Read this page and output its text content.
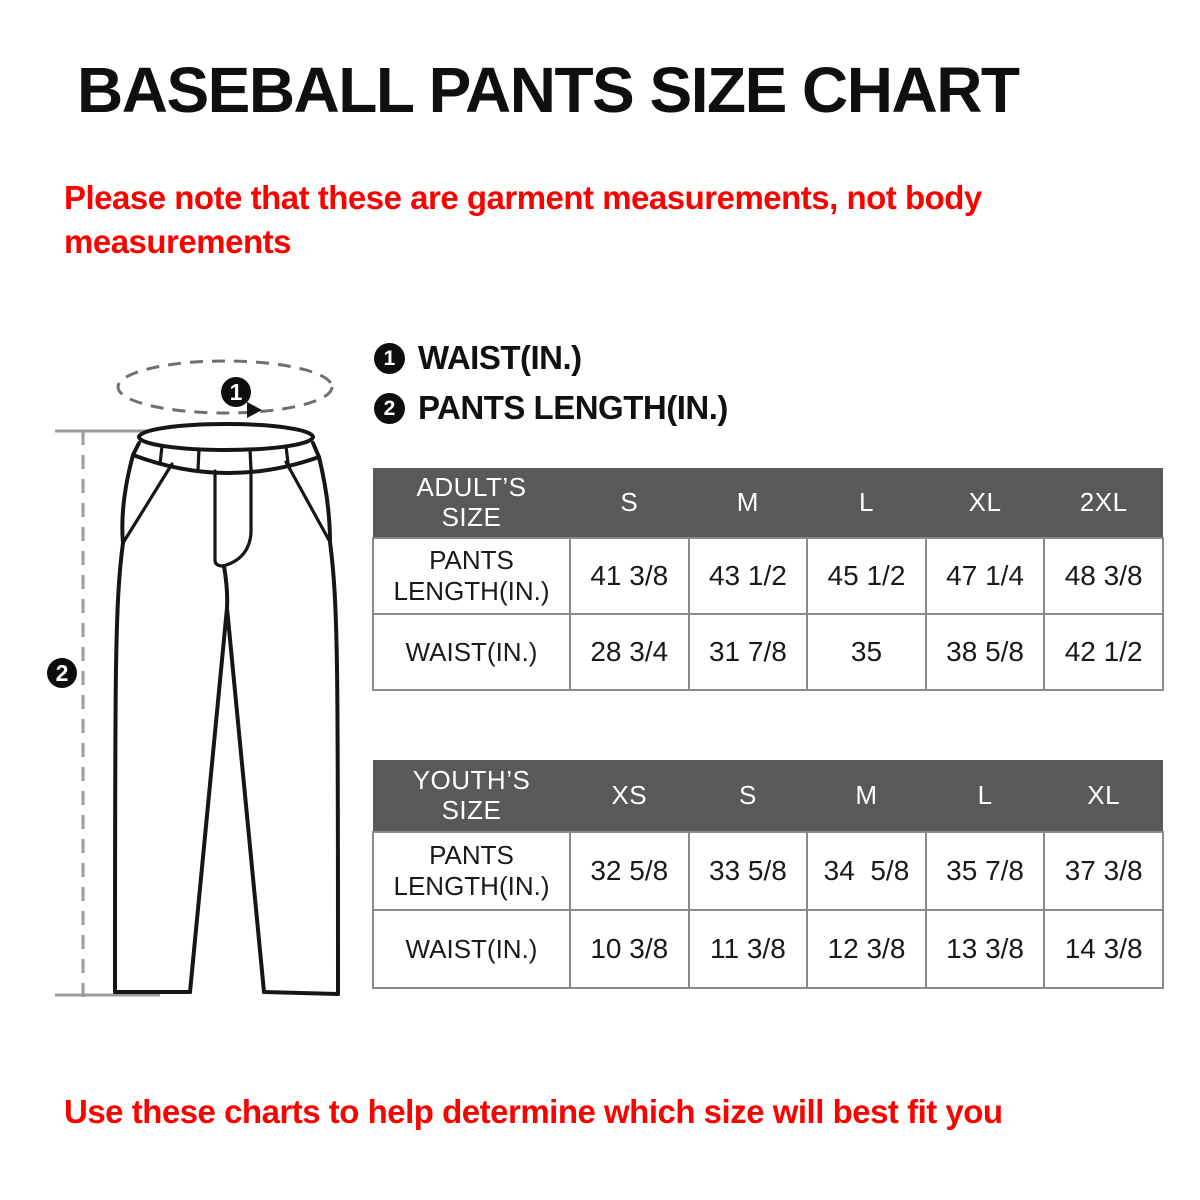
BASEBALL PANTS SIZE CHART

Please note that these are garment measurements, not body measurements

1
2
1 WAIST(IN.)
2 PANTS LENGTH(IN.)
ADULT’S SIZE	S	M	L	XL	2XL
PANTS LENGTH(IN.)	41 3/8	43 1/2	45 1/2	47 1/4	48 3/8
WAIST(IN.)	28 3/4	31 7/8	35	38 5/8	42 1/2
YOUTH’S SIZE	XS	S	M	L	XL
PANTS LENGTH(IN.)	32 5/8	33 5/8	34  5/8	35 7/8	37 3/8
WAIST(IN.)	10 3/8	11 3/8	12 3/8	13 3/8	14 3/8

Use these charts to help determine which size will best fit you
